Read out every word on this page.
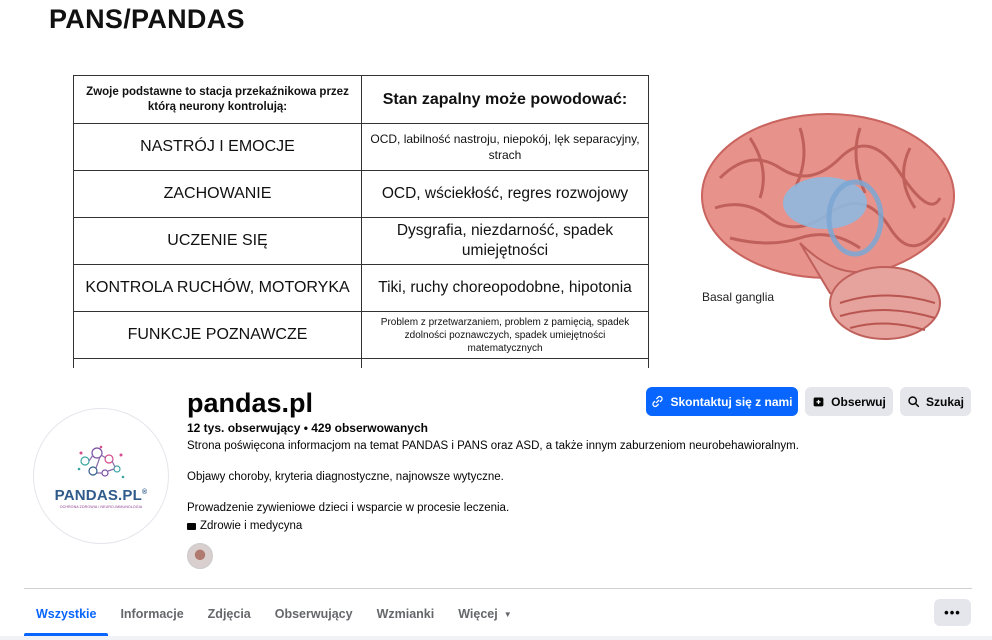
PANS/PANDAS
Zwoje podstawne to stacja przekaźnikowa przez którą neurony kontrolują:	Stan zapalny może powodować:
NASTRÓJ I EMOCJE	OCD, labilność nastroju, niepokój, lęk separacyjny, strach
ZACHOWANIE	OCD, wściekłość, regres rozwojowy
UCZENIE SIĘ	Dysgrafia, niezdarność, spadek umiejętności
KONTROLA RUCHÓW, MOTORYKA	Tiki, ruchy choreopodobne, hipotonia
FUNKCJE POZNAWCZE	Problem z przetwarzaniem, problem z pamięcią, spadek zdolności poznawczych, spadek umiejętności matematycznych

Basal ganglia
PANDAS.PL®
OCHRONA ZDROWIA / NEURO-IMMUNOLOGIA
pandas.pl
12 tys. obserwujący • 429 obserwowanych
Strona poświęcona informacjom na temat PANDAS i PANS oraz ASD, a także innym zaburzeniom neurobehawioralnym.
Objawy choroby, kryteria diagnostyczne, najnowsze wytyczne.
Prowadzenie zywieniowe dzieci i wsparcie w procesie leczenia.
Zdrowie i medycyna
Skontaktuj się z nami	Obserwuj	Szukaj
Wszystkie	Informacje	Zdjęcia	Obserwujący	Wzmianki	Więcej ▼	•••
